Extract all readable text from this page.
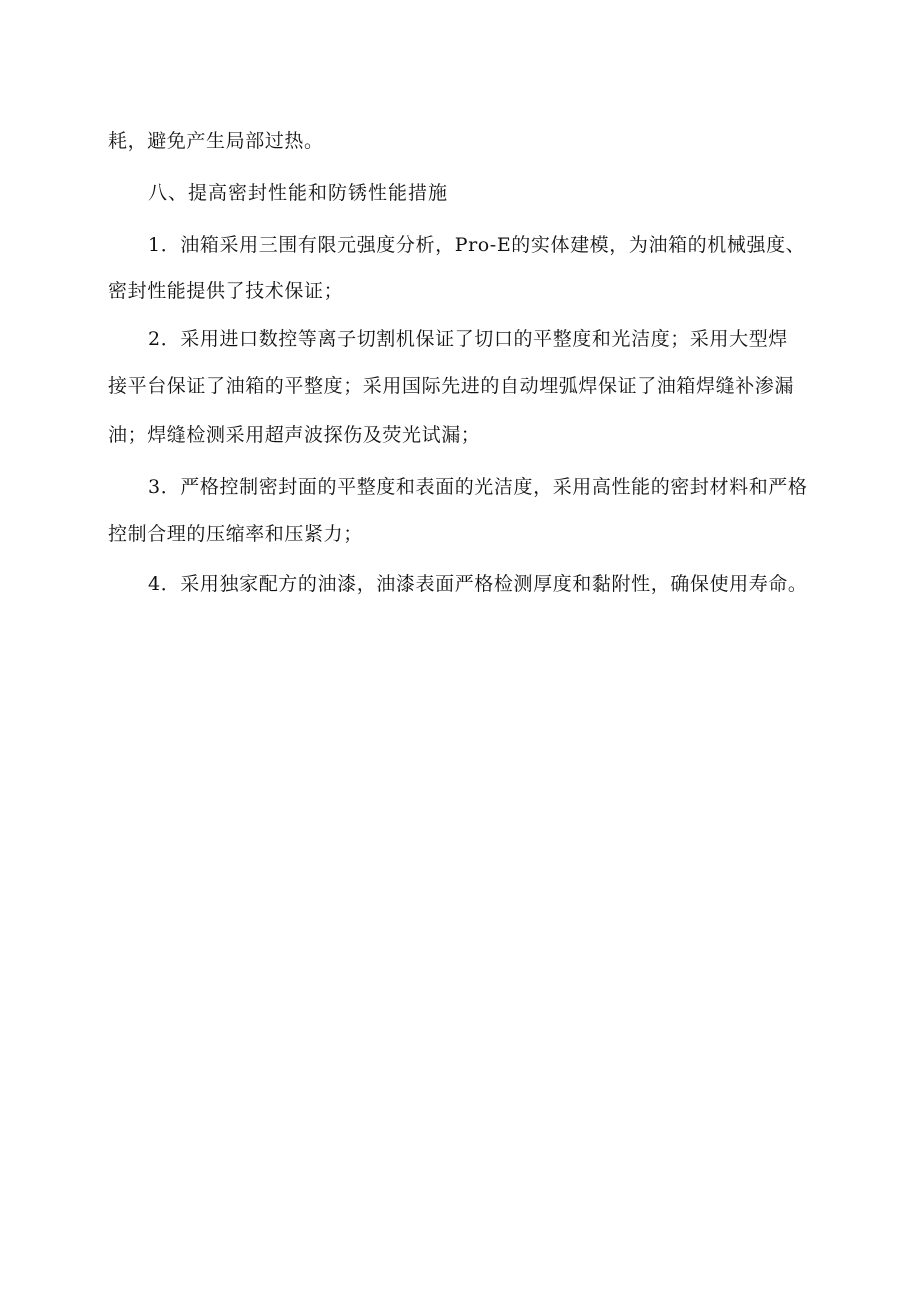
耗，避免产生局部过热。
八、提高密封性能和防锈性能措施
1．油箱采用三围有限元强度分析，Pro-E的实体建模，为油箱的机械强度、
密封性能提供了技术保证；
2．采用进口数控等离子切割机保证了切口的平整度和光洁度；采用大型焊
接平台保证了油箱的平整度；采用国际先进的自动埋弧焊保证了油箱焊缝补渗漏
油；焊缝检测采用超声波探伤及荧光试漏；
3．严格控制密封面的平整度和表面的光洁度，采用高性能的密封材料和严格
控制合理的压缩率和压紧力；
4．采用独家配方的油漆，油漆表面严格检测厚度和黏附性，确保使用寿命。
